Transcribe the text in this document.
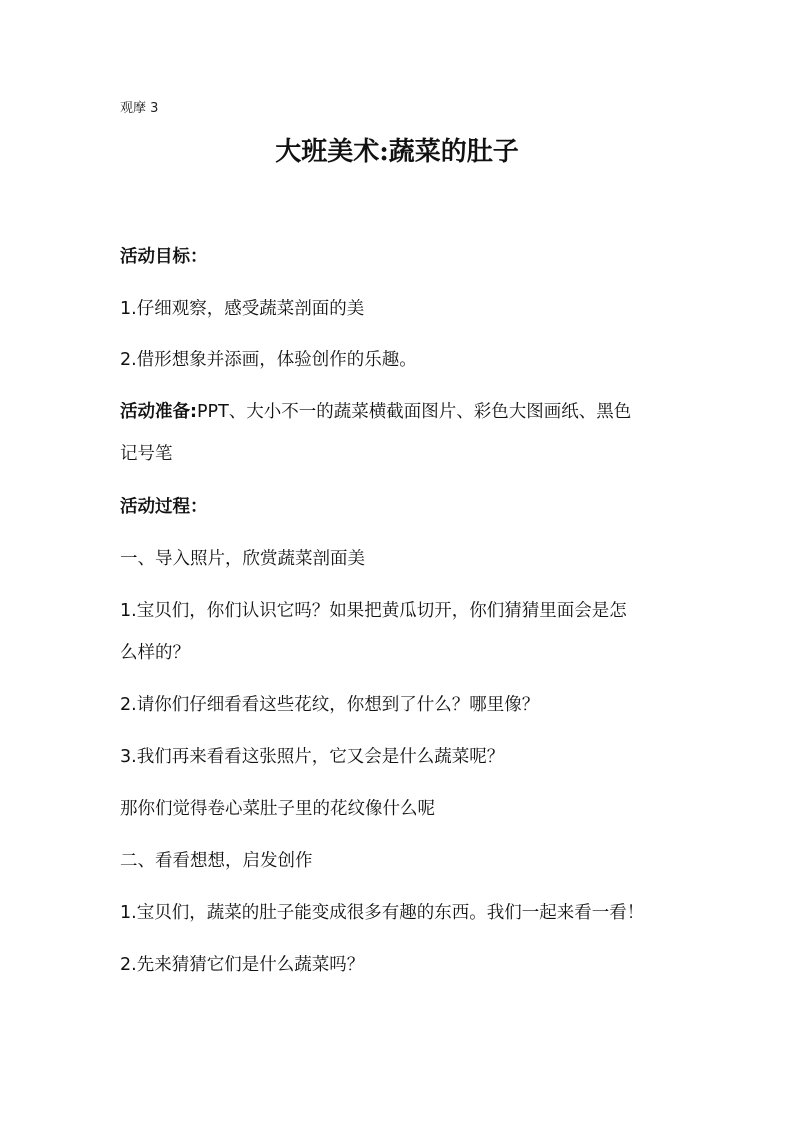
观摩 3
大班美术:蔬菜的肚子
活动目标：
1.仔细观察，感受蔬菜剖面的美
2.借形想象并添画，体验创作的乐趣。
活动准备:PPT、大小不一的蔬菜横截面图片、彩色大图画纸、黑色
记号笔
活动过程：
一、导入照片，欣赏蔬菜剖面美
1.宝贝们，你们认识它吗？如果把黄瓜切开，你们猜猜里面会是怎
么样的？
2.请你们仔细看看这些花纹，你想到了什么？哪里像？
3.我们再来看看这张照片，它又会是什么蔬菜呢？
那你们觉得卷心菜肚子里的花纹像什么呢
二、看看想想，启发创作
1.宝贝们，蔬菜的肚子能变成很多有趣的东西。我们一起来看一看！
2.先来猜猜它们是什么蔬菜吗？
